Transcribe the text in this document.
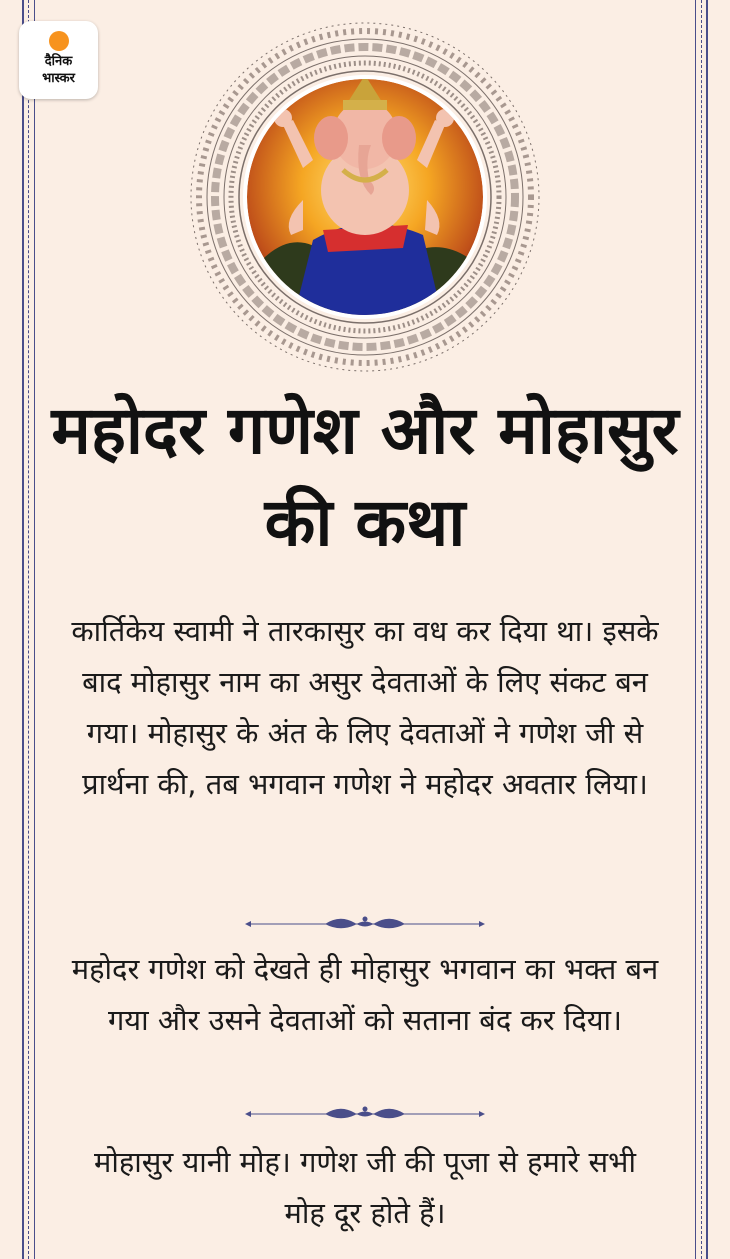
दैनिक
भास्कर
महोदर गणेश और मोहासुर की कथा

कार्तिकेय स्वामी ने तारकासुर का वध कर दिया था। इसके बाद मोहासुर नाम का असुर देवताओं के लिए संकट बन गया। मोहासुर के अंत के लिए देवताओं ने गणेश जी से प्रार्थना की, तब भगवान गणेश ने महोदर अवतार लिया।

महोदर गणेश को देखते ही मोहासुर भगवान का भक्त बन गया और उसने देवताओं को सताना बंद कर दिया।

मोहासुर यानी मोह। गणेश जी की पूजा से हमारे सभी मोह दूर होते हैं।
